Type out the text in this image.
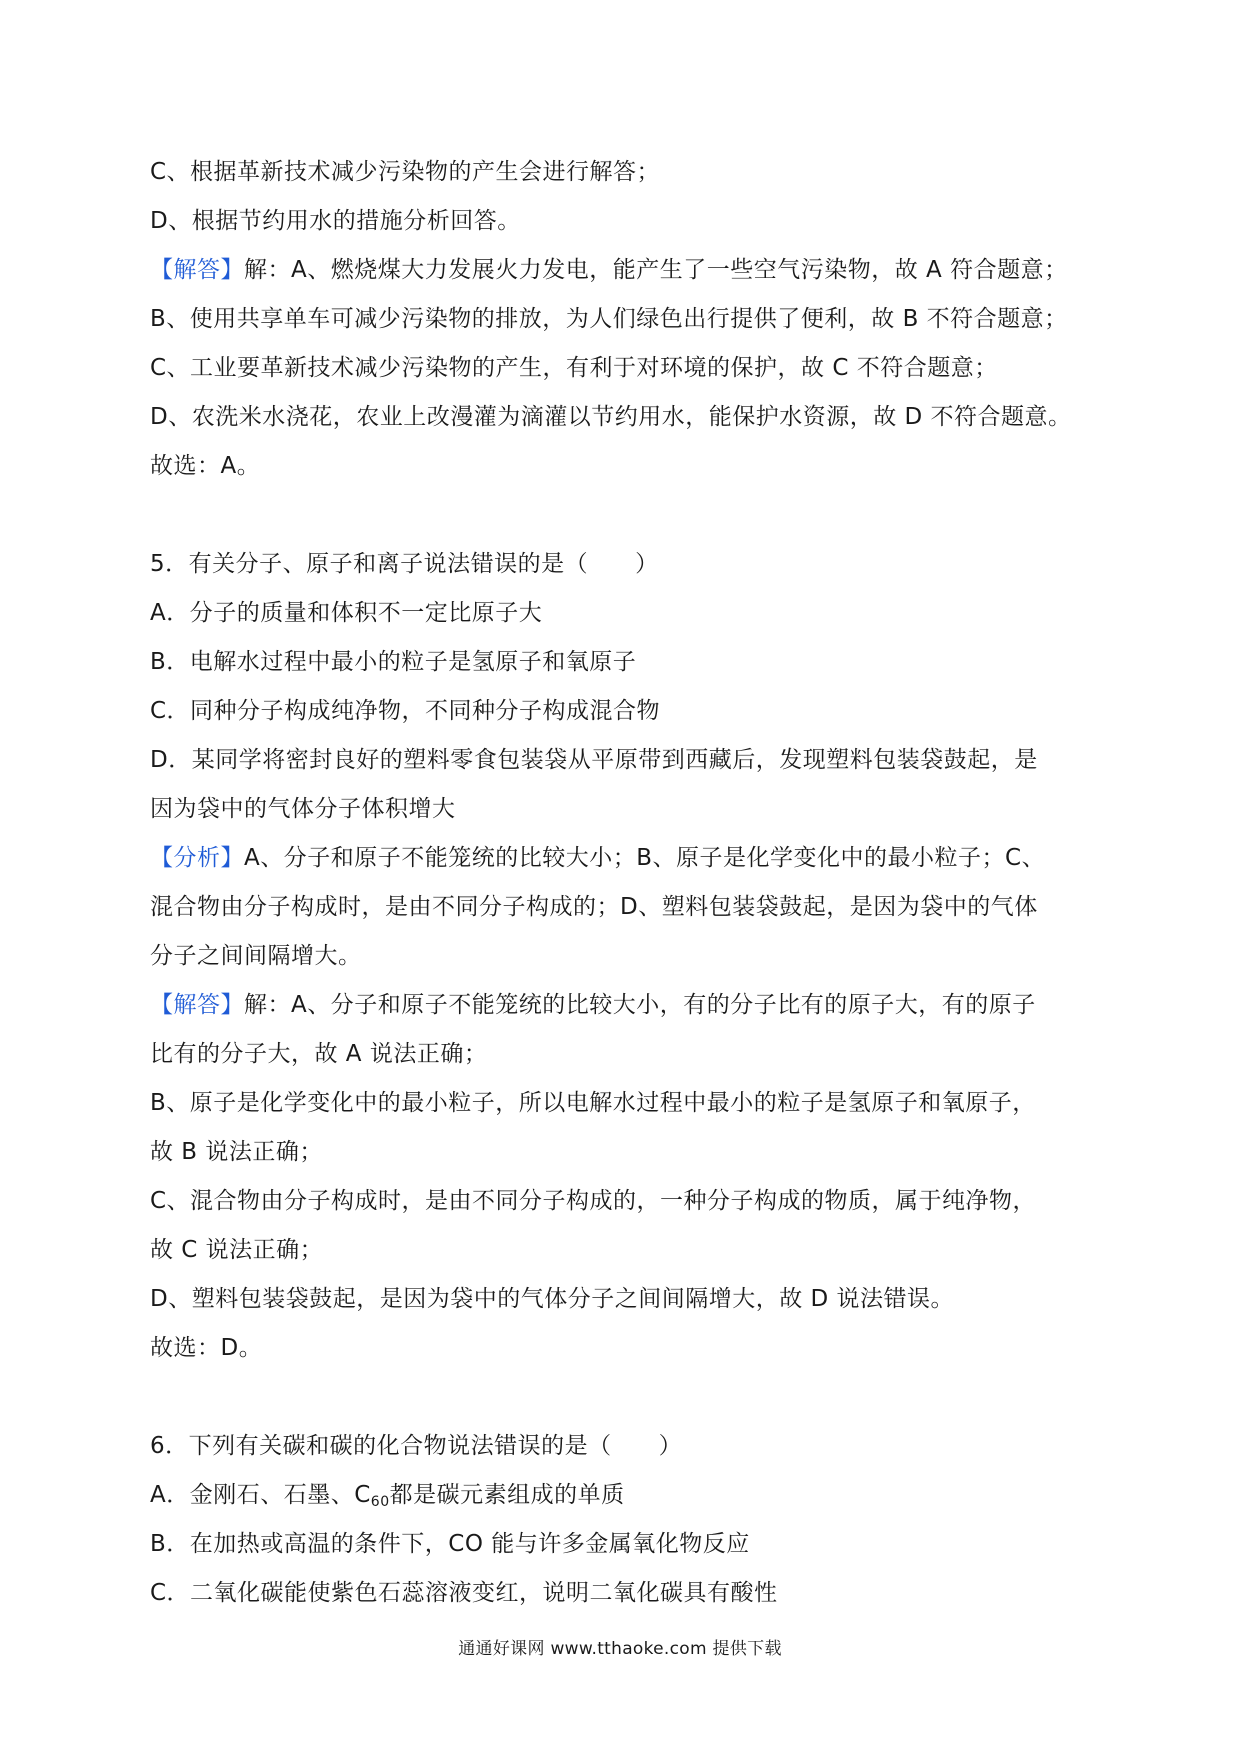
C、根据革新技术减少污染物的产生会进行解答；
D、根据节约用水的措施分析回答。
【解答】解：A、燃烧煤大力发展火力发电，能产生了一些空气污染物，故 A 符合题意；
B、使用共享单车可减少污染物的排放，为人们绿色出行提供了便利，故 B 不符合题意；
C、工业要革新技术减少污染物的产生，有利于对环境的保护，故 C 不符合题意；
D、农洗米水浇花，农业上改漫灌为滴灌以节约用水，能保护水资源，故 D 不符合题意。
故选：A。
5．有关分子、原子和离子说法错误的是（　　）
A．分子的质量和体积不一定比原子大
B．电解水过程中最小的粒子是氢原子和氧原子
C．同种分子构成纯净物，不同种分子构成混合物
D．某同学将密封良好的塑料零食包装袋从平原带到西藏后，发现塑料包装袋鼓起，是
因为袋中的气体分子体积增大
【分析】A、分子和原子不能笼统的比较大小；B、原子是化学变化中的最小粒子；C、
混合物由分子构成时，是由不同分子构成的；D、塑料包装袋鼓起，是因为袋中的气体
分子之间间隔增大。
【解答】解：A、分子和原子不能笼统的比较大小，有的分子比有的原子大，有的原子
比有的分子大，故 A 说法正确；
B、原子是化学变化中的最小粒子，所以电解水过程中最小的粒子是氢原子和氧原子，
故 B 说法正确；
C、混合物由分子构成时，是由不同分子构成的，一种分子构成的物质，属于纯净物，
故 C 说法正确；
D、塑料包装袋鼓起，是因为袋中的气体分子之间间隔增大，故 D 说法错误。
故选：D。
6．下列有关碳和碳的化合物说法错误的是（　　）
A．金刚石、石墨、$C_{60}$都是碳元素组成的单质
B．在加热或高温的条件下，CO 能与许多金属氧化物反应
C．二氧化碳能使紫色石蕊溶液变红，说明二氧化碳具有酸性
通通好课网 www.tthaoke.com 提供下载
